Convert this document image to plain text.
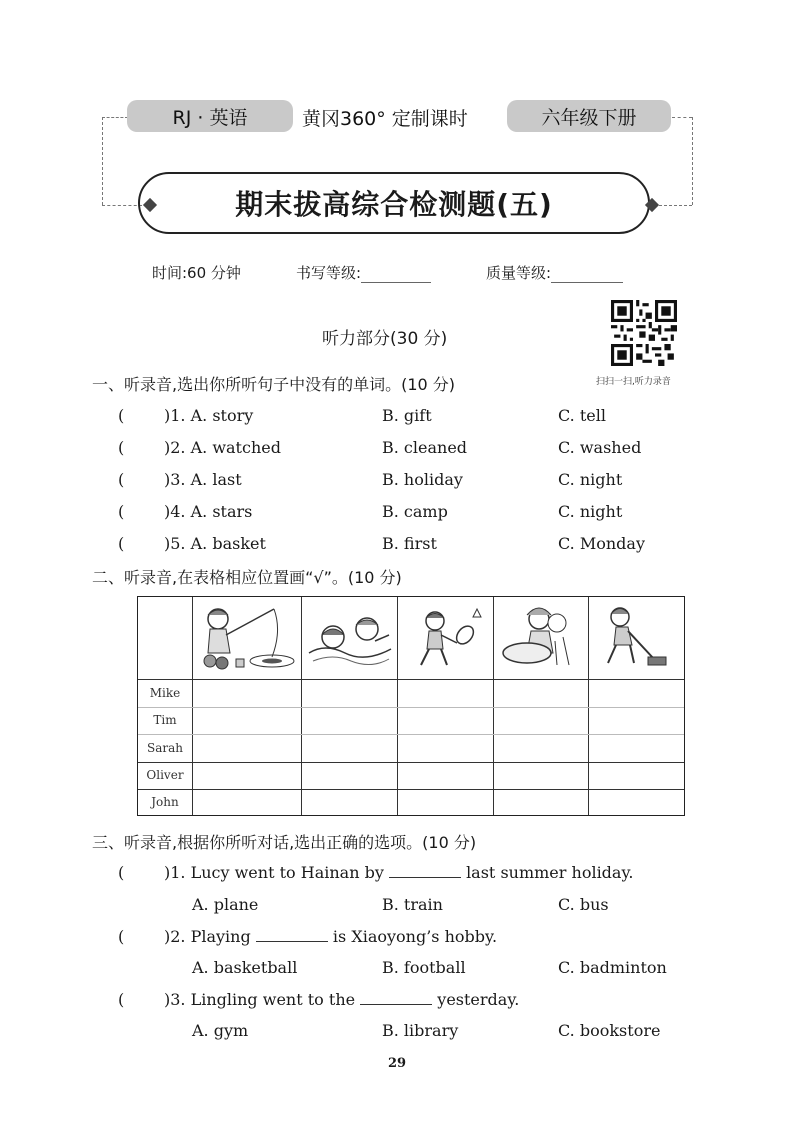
RJ · 英语	黄冈360° 定制课时	六年级下册
期末拔高综合检测题(五)
时间:60 分钟	书写等级:	质量等级:
听力部分(30 分)
扫扫一扫,听力录音
一、听录音,选出你所听句子中没有的单词。(10 分)
( )1. A. story	B. gift	C. tell
( )2. A. watched	B. cleaned	C. washed
( )3. A. last	B. holiday	C. night
( )4. A. stars	B. camp	C. night
( )5. A. basket	B. first	C. Monday
二、听录音,在表格相应位置画“√”。(10 分)
Mike
Tim
Sarah
Oliver
John
三、听录音,根据你所听对话,选出正确的选项。(10 分)
( )1. Lucy went to Hainan by	last summer holiday.
A. plane	B. train	C. bus
( )2. Playing	is Xiaoyong’s hobby.
A. basketball	B. football	C. badminton
( )3. Lingling went to the	yesterday.
A. gym	B. library	C. bookstore
29
